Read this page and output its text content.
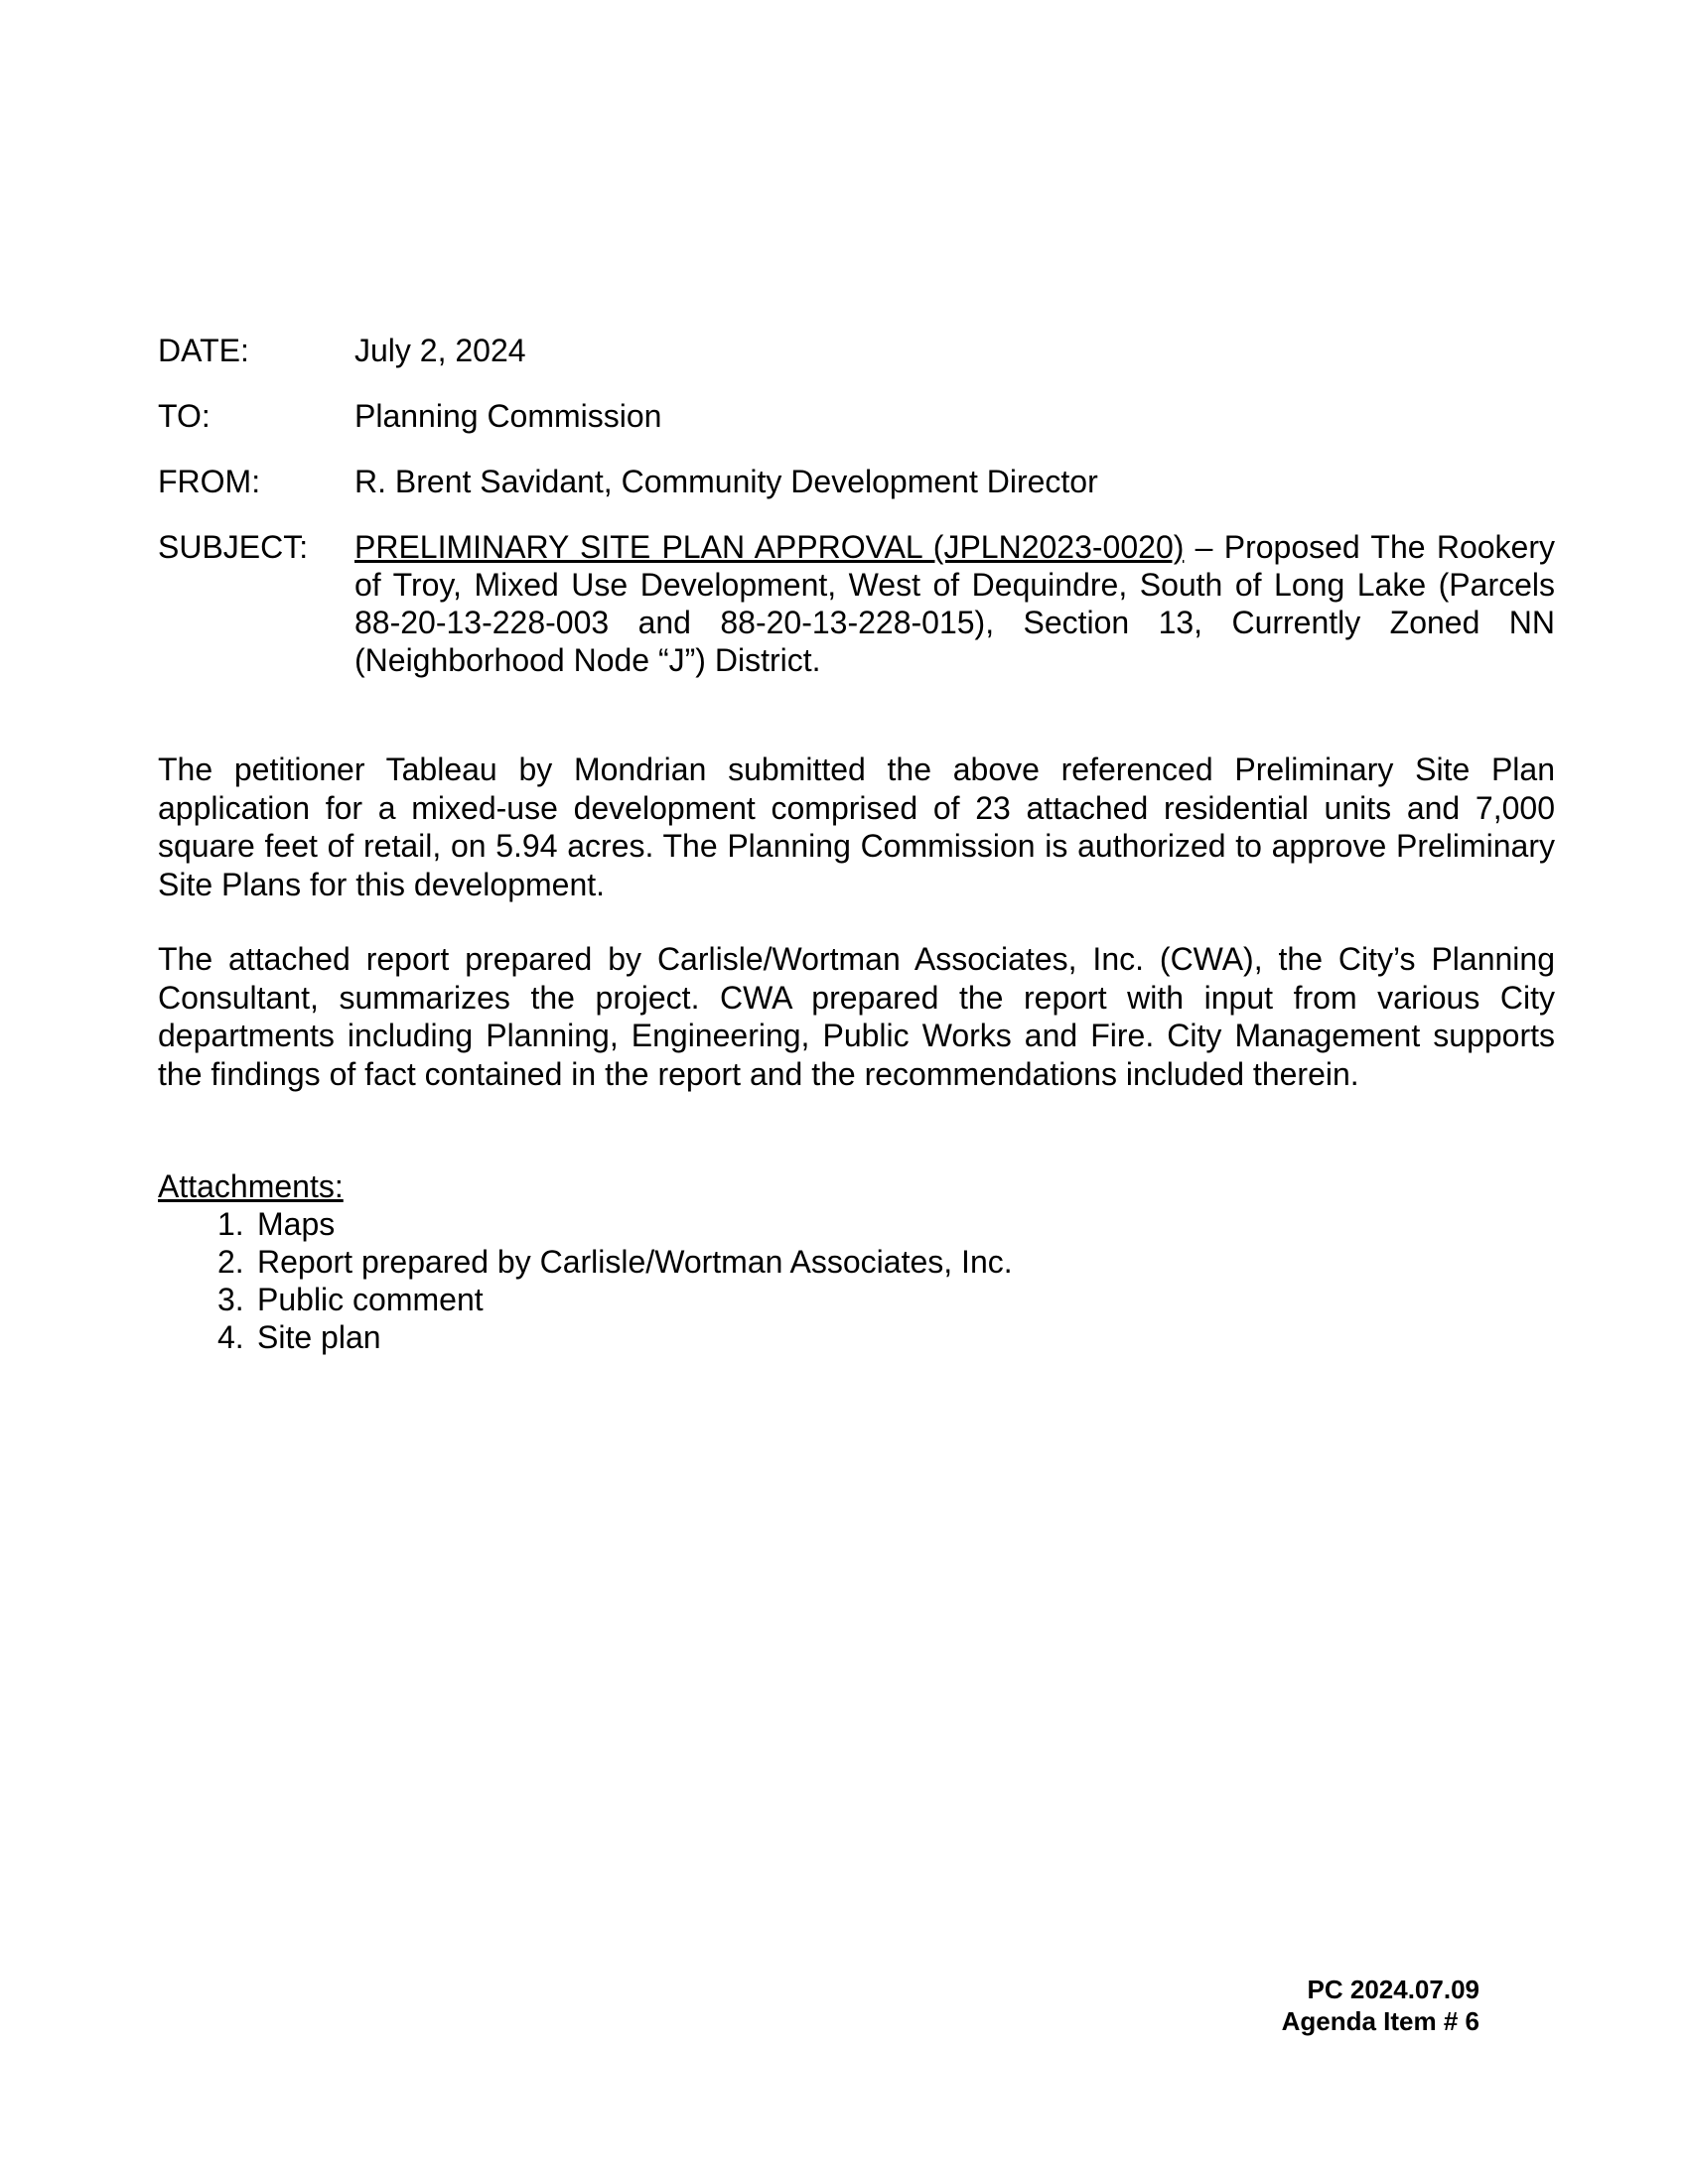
DATE:	July 2, 2024
TO:	Planning Commission
FROM:	R. Brent Savidant, Community Development Director
SUBJECT:	PRELIMINARY SITE PLAN APPROVAL (JPLN2023-0020) – Proposed The Rookery of Troy, Mixed Use Development, West of Dequindre, South of Long Lake (Parcels 88-20-13-228-003 and 88-20-13-228-015), Section 13, Currently Zoned NN (Neighborhood Node “J”) District.

The petitioner Tableau by Mondrian submitted the above referenced Preliminary Site Plan application for a mixed-use development comprised of 23 attached residential units and 7,000 square feet of retail, on 5.94 acres. The Planning Commission is authorized to approve Preliminary Site Plans for this development.

The attached report prepared by Carlisle/Wortman Associates, Inc. (CWA), the City’s Planning Consultant, summarizes the project. CWA prepared the report with input from various City departments including Planning, Engineering, Public Works and Fire. City Management supports the findings of fact contained in the report and the recommendations included therein.

Attachments:
1. Maps
2. Report prepared by Carlisle/Wortman Associates, Inc.
3. Public comment
4. Site plan
PC 2024.07.09
Agenda Item # 6
